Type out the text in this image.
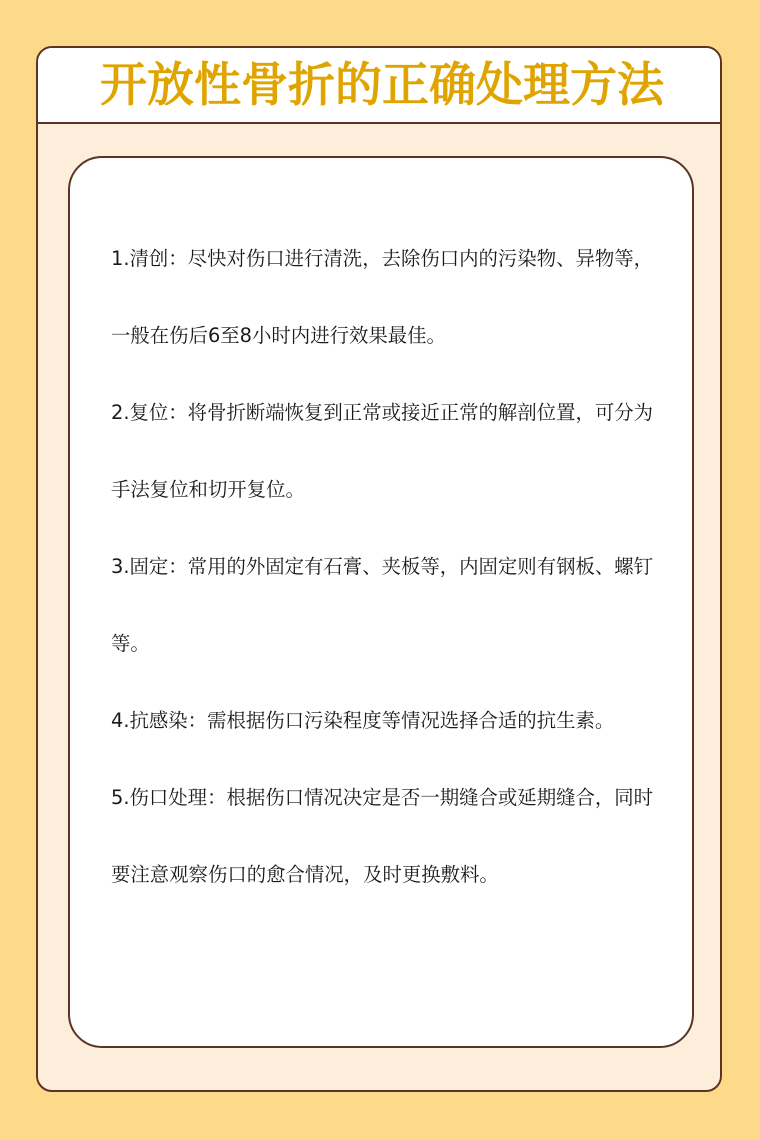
开放性骨折的正确处理方法

1.清创：尽快对伤口进行清洗，去除伤口内的污染物、异物等，一般在伤后6至8小时内进行效果最佳。

2.复位：将骨折断端恢复到正常或接近正常的解剖位置，可分为手法复位和切开复位。

3.固定：常用的外固定有石膏、夹板等，内固定则有钢板、螺钉等。

4.抗感染：需根据伤口污染程度等情况选择合适的抗生素。

5.伤口处理：根据伤口情况决定是否一期缝合或延期缝合，同时要注意观察伤口的愈合情况，及时更换敷料。
